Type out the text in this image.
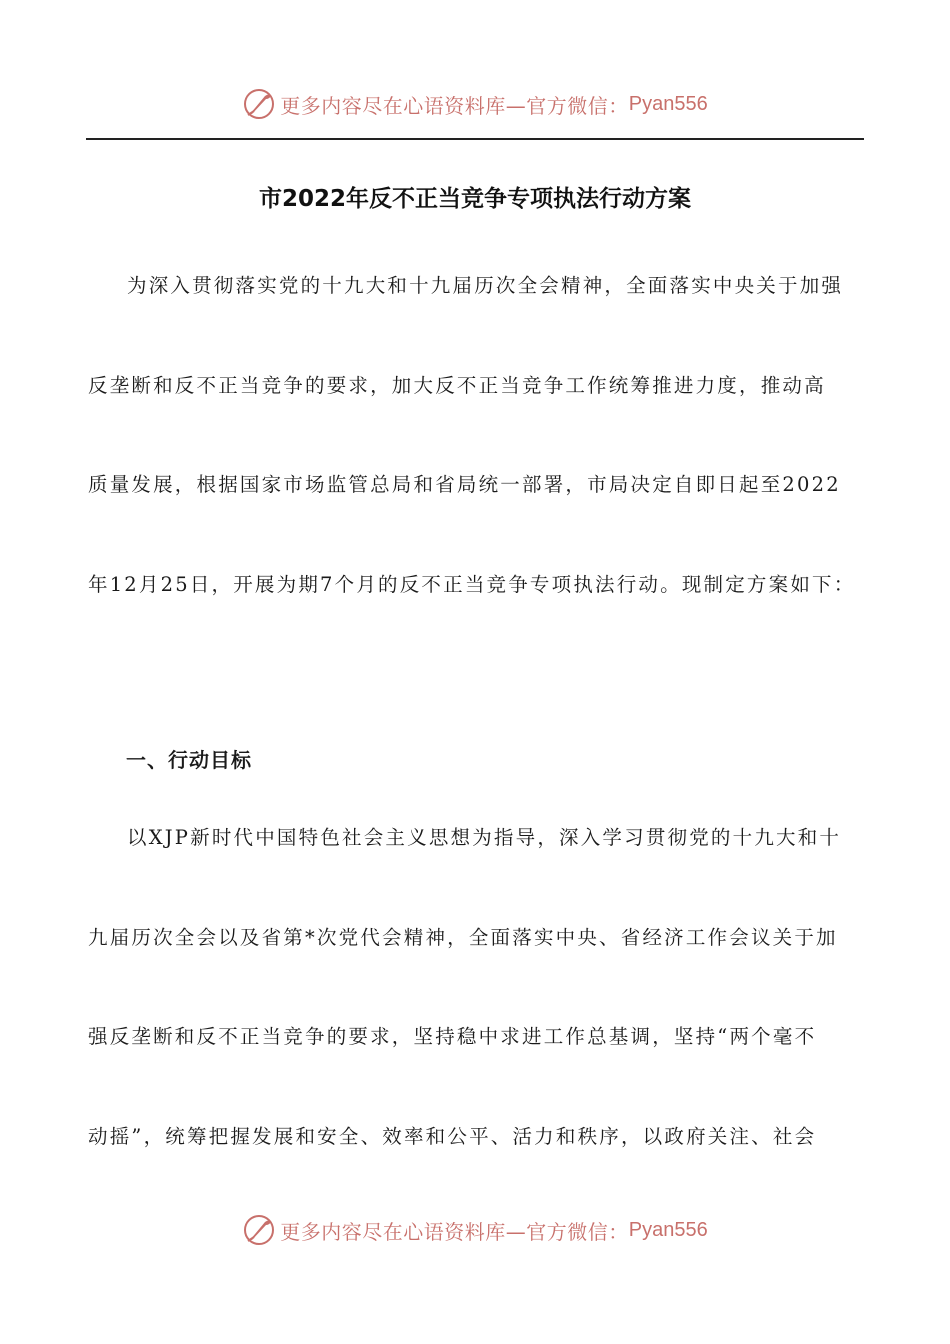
更多内容尽在心语资料库—官方微信： Pyan556
市2022年反不正当竞争专项执法行动方案
为深入贯彻落实党的十九大和十九届历次全会精神，全面落实中央关于加强
反垄断和反不正当竞争的要求，加大反不正当竞争工作统筹推进力度，推动高
质量发展，根据国家市场监管总局和省局统一部署，市局决定自即日起至2022
年12月25日，开展为期7个月的反不正当竞争专项执法行动。现制定方案如下：
一、行动目标
以XJP新时代中国特色社会主义思想为指导，深入学习贯彻党的十九大和十
九届历次全会以及省第*次党代会精神，全面落实中央、省经济工作会议关于加
强反垄断和反不正当竞争的要求，坚持稳中求进工作总基调，坚持“两个毫不
动摇”，统筹把握发展和安全、效率和公平、活力和秩序，以政府关注、社会
更多内容尽在心语资料库—官方微信： Pyan556
